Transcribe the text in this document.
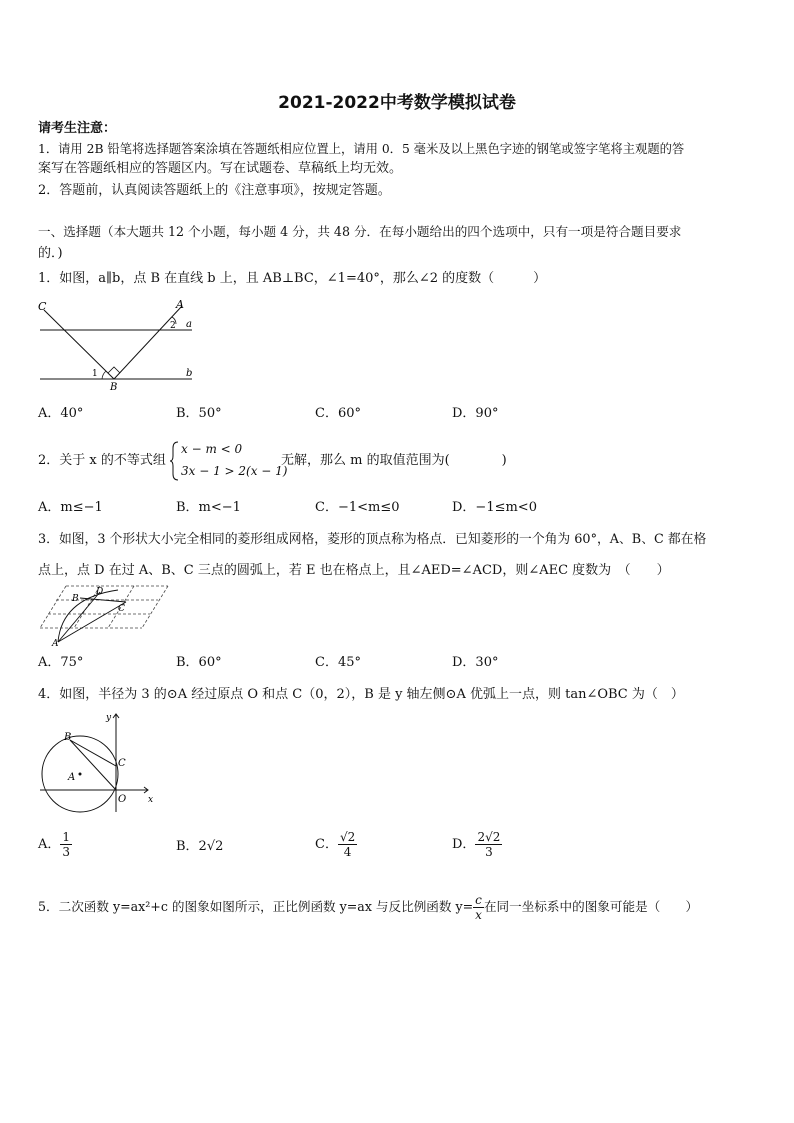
2021-2022中考数学模拟试卷
请考生注意：
1．请用 2B 铅笔将选择题答案涂填在答题纸相应位置上，请用 0．5 毫米及以上黑色字迹的钢笔或签字笔将主观题的答
案写在答题纸相应的答题区内。写在试题卷、草稿纸上均无效。
2．答题前，认真阅读答题纸上的《注意事项》，按规定答题。
一、选择题（本大题共 12 个小题，每小题 4 分，共 48 分．在每小题给出的四个选项中，只有一项是符合题目要求
的．)
1．如图，a∥b，点 B 在直线 b 上，且 AB⊥BC，∠1=40°，那么∠2 的度数（　　　）
C	A
a
b
B
1
2
A．40°	B．50°	C．60°	D．90°
2．关于 x 的不等式组
x − m < 0
3x − 1 > 2(x − 1)
无解，那么 m 的取值范围为(　　　　)
A．m≤−1	B．m<−1	C．−1<m≤0	D．−1≤m<0
3．如图，3 个形状大小完全相同的菱形组成网格，菱形的顶点称为格点．已知菱形的一个角为 60°，A、B、C 都在格
点上，点 D 在过 A、B、C 三点的圆弧上，若 E 也在格点上，且∠AED=∠ACD，则∠AEC 度数为　（　　）
A
B
C
D
A．75°	B．60°	C．45°	D．30°
4．如图，半径为 3 的⊙A 经过原点 O 和点 C（0，2），B 是 y 轴左侧⊙A 优弧上一点，则 tan∠OBC 为（　）
x
y
B
C
A
O
A． $\frac{1}{3}$	B．2√2	C． $\frac{√2}{4}$	D． $\frac{2√2}{3}$
5．二次函数 y=ax²+c 的图象如图所示，正比例函数 y=ax 与反比例函数 $y= \frac{c}{x}$ 在同一坐标系中的图象可能是（　　）
